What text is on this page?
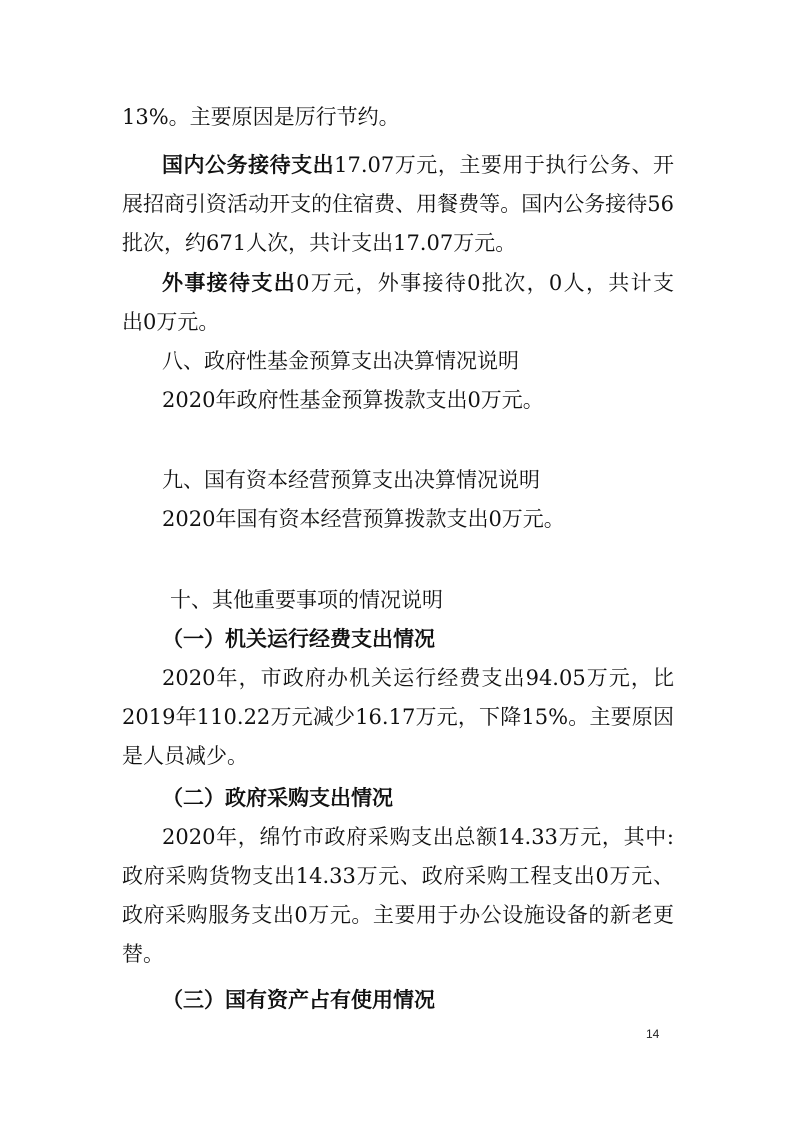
13%。主要原因是厉行节约。
国内公务接待支出17.07万元，主要用于执行公务、开
展招商引资活动开支的住宿费、用餐费等。国内公务接待56
批次，约671人次，共计支出17.07万元。
外事接待支出0万元，外事接待0批次，0人，共计支
出0万元。
八、政府性基金预算支出决算情况说明
2020年政府性基金预算拨款支出0万元。
九、国有资本经营预算支出决算情况说明
2020年国有资本经营预算拨款支出0万元。
十、其他重要事项的情况说明
（一）机关运行经费支出情况
2020年，市政府办机关运行经费支出94.05万元，比
2019年110.22万元减少16.17万元，下降15%。主要原因
是人员减少。
（二）政府采购支出情况
2020年，绵竹市政府采购支出总额14.33万元，其中:
政府采购货物支出14.33万元、政府采购工程支出0万元、
政府采购服务支出0万元。主要用于办公设施设备的新老更
替。
（三）国有资产占有使用情况
14
